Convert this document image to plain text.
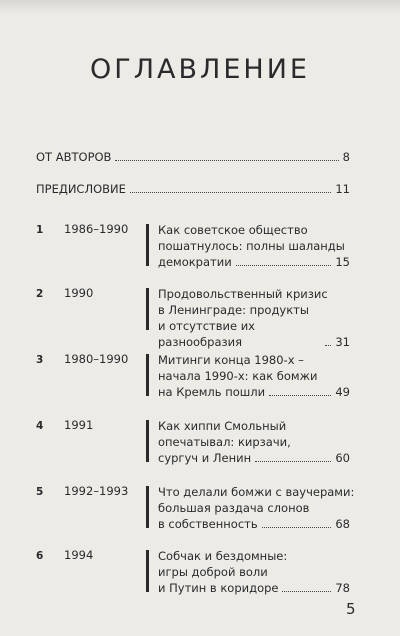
ОГЛАВЛЕНИЕ
ОТ АВТОРОВ	8
ПРЕДИСЛОВИЕ	11
1 1986–1990	Как советское общество
пошатнулось: полны шаланды
демократии	15
2 1990	Продовольственный кризис
в Ленинграде: продукты
и отсутствие их разнообразия	31
3 1980–1990	Митинги конца 1980-х –
начала 1990-х: как бомжи
на Кремль пошли	49
4 1991	Как хиппи Смольный
опечатывал: кирзачи,
сургуч и Ленин	60
5 1992–1993	Что делали бомжи с ваучерами:
большая раздача слонов
в собственность	68
6 1994	Собчак и бездомные:
игры доброй воли
и Путин в коридоре	78
5
